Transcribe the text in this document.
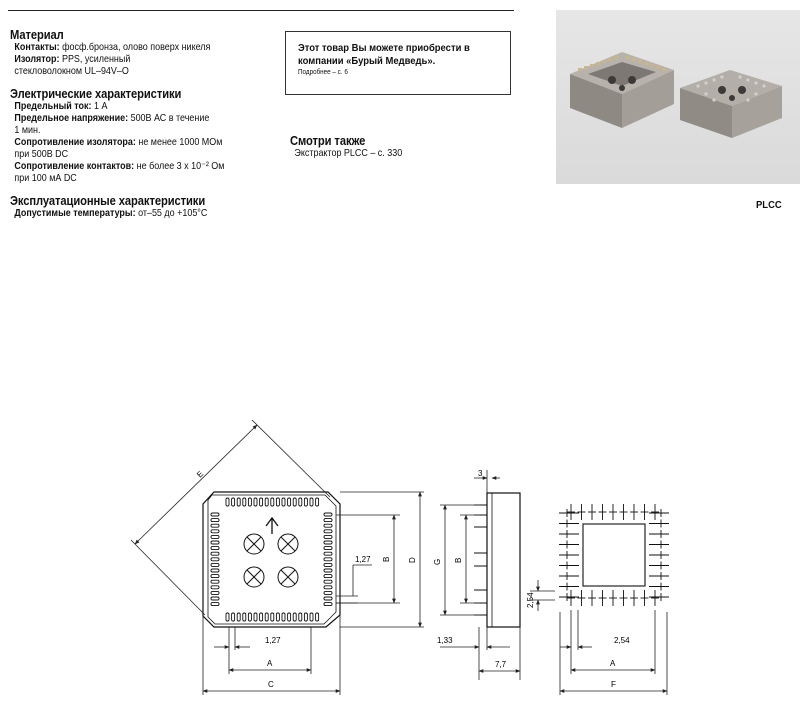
Материал
Контакты: фосф.бронза, олово поверх никеля
Изолятор: PPS, усиленный
стекловолокном UL–94V–O
Электрические характеристики
Предельный ток: 1 А
Предельное напряжение: 500В АС в течение
1 мин.
Сопротивление изолятора: не менее 1000 МОм
при 500В DC
Сопротивление контактов: не более 3 x 10⁻² Ом
при 100 мА DC
Эксплуатационные характеристики
Допустимые температуры: от–55 до +105°С
Этот товар Вы можете приобрести в
компании «Бурый Медведь».
Подробнее – с. 6
Смотри также
Экстрактор PLCC – с. 330
PLCC
E
1,27 B D
1,27
A
C
3
G B
1,33
7,7
2,54
2,54
A
F
